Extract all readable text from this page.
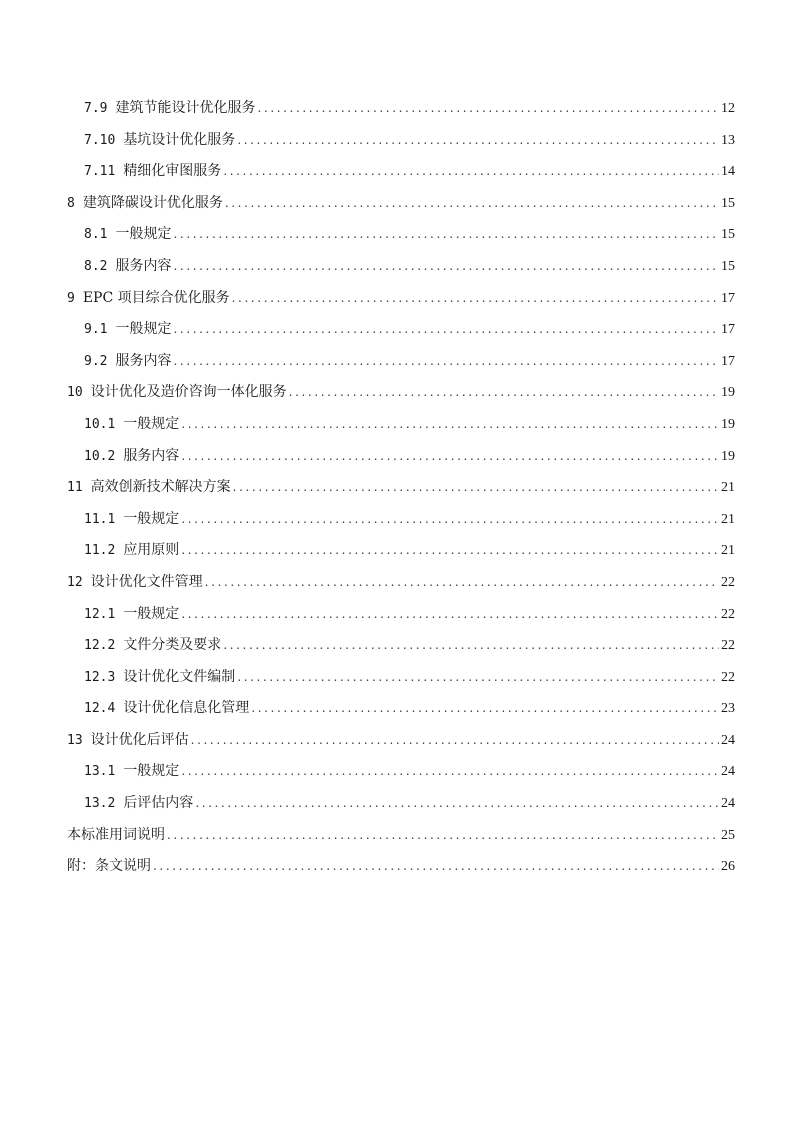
7.9 建筑节能设计优化服务 .....	12
7.10 基坑设计优化服务 .....	13
7.11 精细化审图服务 .....	14
8 建筑降碳设计优化服务 .....	15
8.1 一般规定 .....	15
8.2 服务内容 .....	15
9 EPC 项目综合优化服务 .....	17
9.1 一般规定 .....	17
9.2 服务内容 .....	17
10 设计优化及造价咨询一体化服务 .....	19
10.1 一般规定 .....	19
10.2 服务内容 .....	19
11 高效创新技术解决方案 .....	21
11.1 一般规定 .....	21
11.2 应用原则 .....	21
12 设计优化文件管理 .....	22
12.1 一般规定 .....	22
12.2 文件分类及要求 .....	22
12.3 设计优化文件编制 .....	22
12.4 设计优化信息化管理 .....	23
13 设计优化后评估 .....	24
13.1 一般规定 .....	24
13.2 后评估内容 .....	24
本标准用词说明 .....	25
附：条文说明 .....	26
